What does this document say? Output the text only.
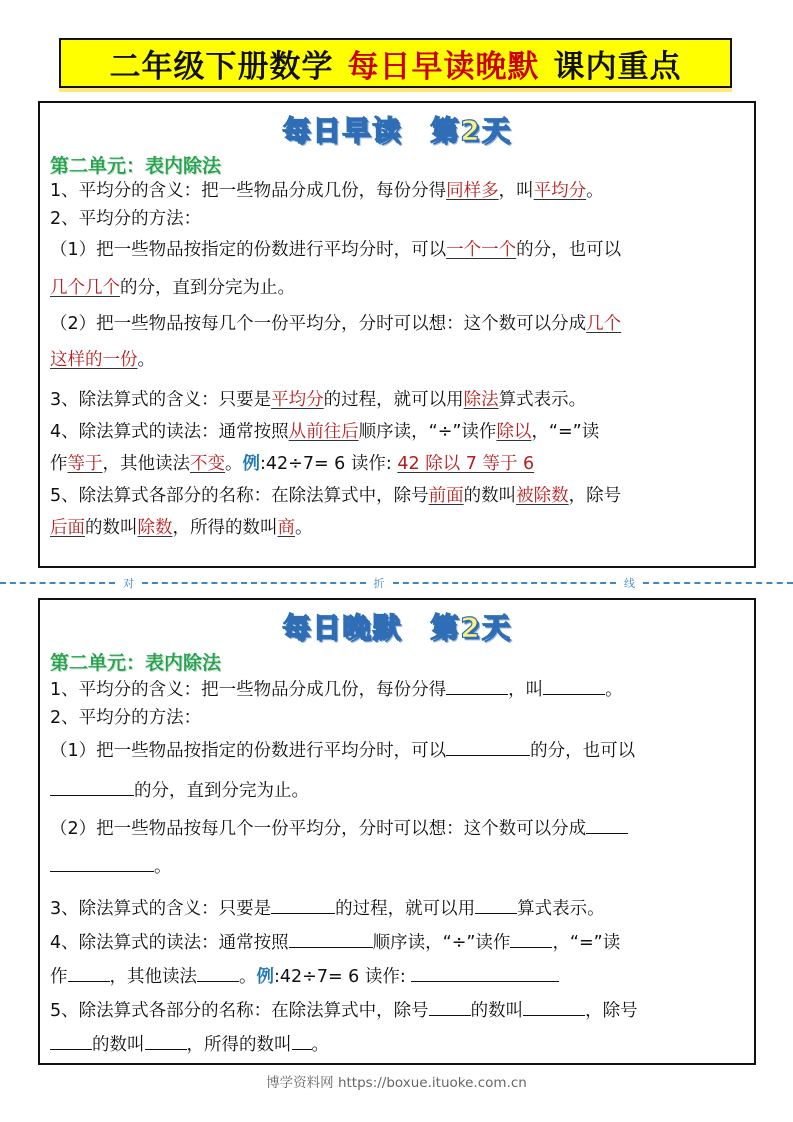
二年级下册数学 每日早读晚默 课内重点
每日早读 第2天
第二单元：表内除法
1、平均分的含义：把一些物品分成几份，每份分得同样多，叫平均分。
2、平均分的方法：
（1）把一些物品按指定的份数进行平均分时，可以一个一个的分，也可以
几个几个的分，直到分完为止。
（2）把一些物品按每几个一份平均分，分时可以想：这个数可以分成几个
这样的一份。
3、除法算式的含义：只要是平均分的过程，就可以用除法算式表示。
4、除法算式的读法：通常按照从前往后顺序读，“÷”读作除以，“=”读
作等于，其他读法不变。例:42÷7= 6 读作: 42 除以 7 等于 6
5、除法算式各部分的名称：在除法算式中，除号前面的数叫被除数，除号
后面的数叫除数，所得的数叫商。
对	折	线
每日晚默 第2天
第二单元：表内除法
1、平均分的含义：把一些物品分成几份，每份分得	，叫	。
2、平均分的方法：
（1）把一些物品按指定的份数进行平均分时，可以	的分，也可以
的分，直到分完为止。
（2）把一些物品按每几个一份平均分，分时可以想：这个数可以分成
。
3、除法算式的含义：只要是	的过程，就可以用 算式表示。
4、除法算式的读法：通常按照	顺序读，“÷”读作 ，“=”读
作 ，其他读法 。例:42÷7= 6 读作:
5、除法算式各部分的名称：在除法算式中，除号 的数叫	，除号
的数叫 ，所得的数叫 。
博学资料网 https://boxue.ituoke.com.cn
